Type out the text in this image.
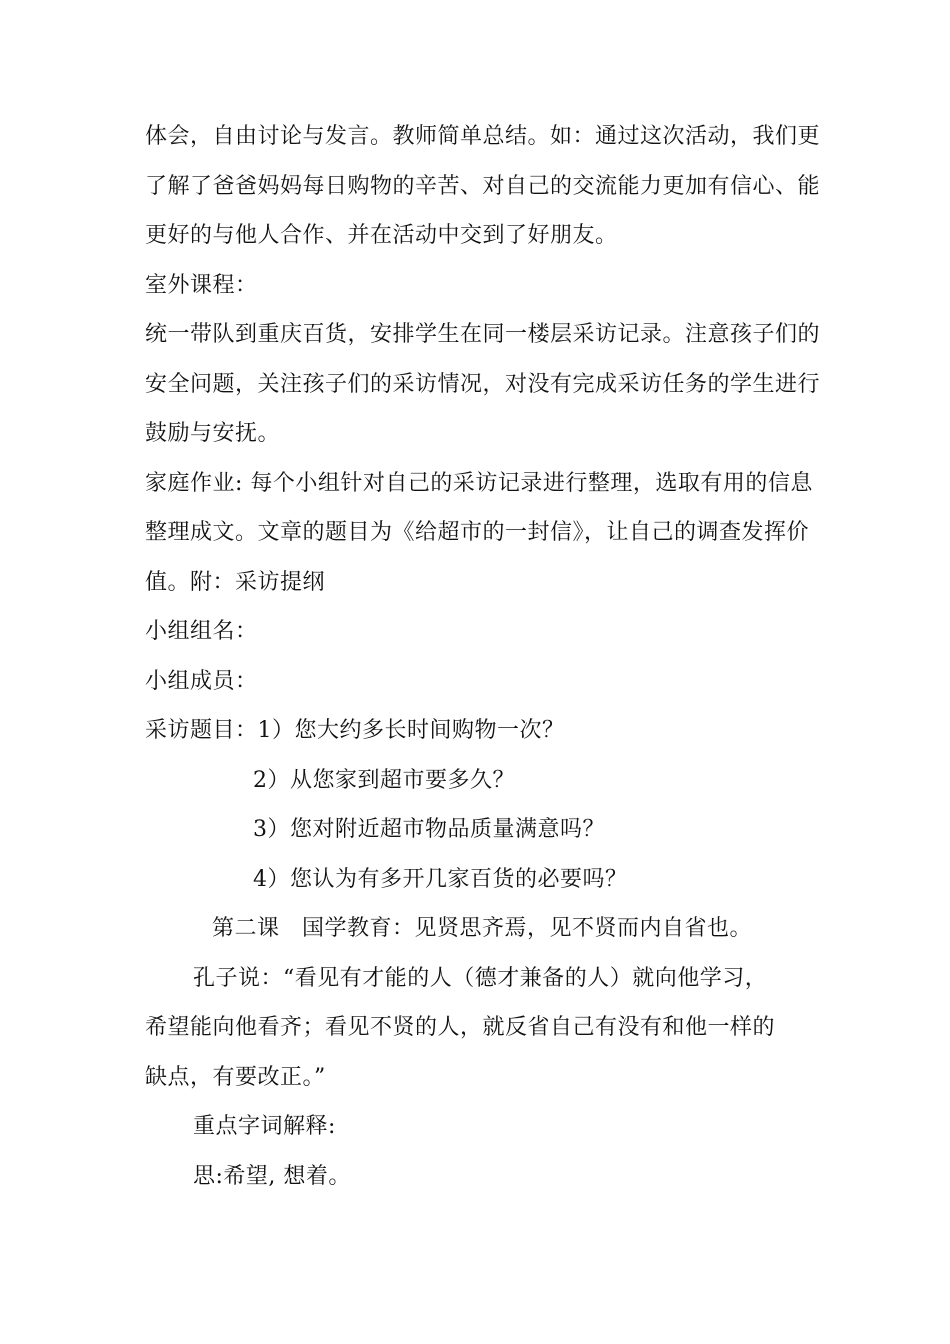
体会，自由讨论与发言。教师简单总结。如：通过这次活动，我们更
了解了爸爸妈妈每日购物的辛苦、对自己的交流能力更加有信心、能
更好的与他人合作、并在活动中交到了好朋友。
室外课程：
统一带队到重庆百货，安排学生在同一楼层采访记录。注意孩子们的
安全问题，关注孩子们的采访情况，对没有完成采访任务的学生进行
鼓励与安抚。
家庭作业: 每个小组针对自己的采访记录进行整理，选取有用的信息
整理成文。文章的题目为《给超市的一封信》，让自己的调查发挥价
值。附：采访提纲
小组组名：
小组成员：
采访题目：1）您大约多长时间购物一次？
2）从您家到超市要多久？
3）您对附近超市物品质量满意吗？
4）您认为有多开几家百货的必要吗？
第二课　国学教育：见贤思齐焉，见不贤而内自省也。
孔子说：“看见有才能的人（德才兼备的人）就向他学习，
希望能向他看齐；看见不贤的人，就反省自己有没有和他一样的
缺点，有要改正。”
重点字词解释:
思:希望, 想着。
